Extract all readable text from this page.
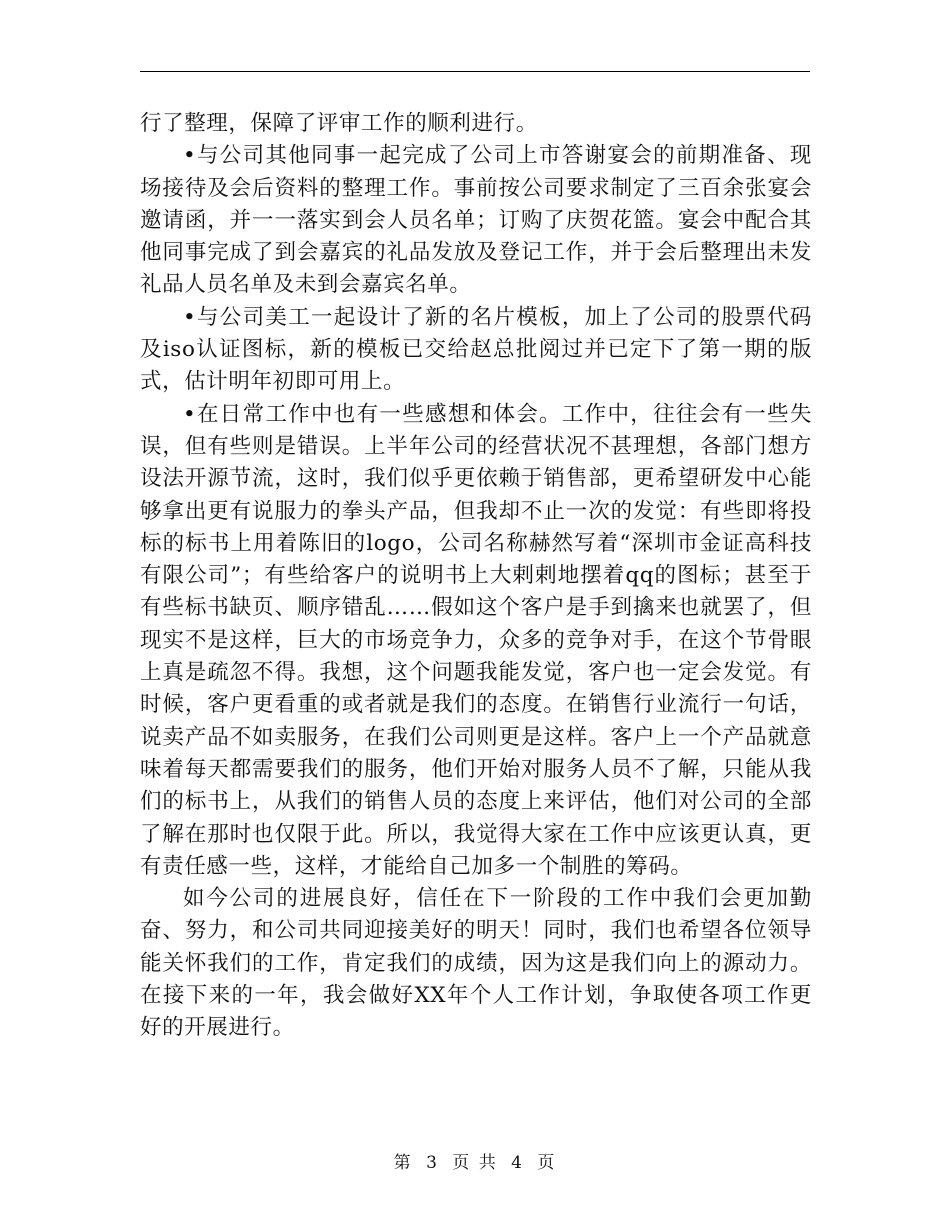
行了整理，保障了评审工作的顺利进行。

•与公司其他同事一起完成了公司上市答谢宴会的前期准备、现场接待及会后资料的整理工作。事前按公司要求制定了三百余张宴会邀请函，并一一落实到会人员名单；订购了庆贺花篮。宴会中配合其他同事完成了到会嘉宾的礼品发放及登记工作，并于会后整理出未发礼品人员名单及未到会嘉宾名单。

•与公司美工一起设计了新的名片模板，加上了公司的股票代码及iso认证图标，新的模板已交给赵总批阅过并已定下了第一期的版式，估计明年初即可用上。

•在日常工作中也有一些感想和体会。工作中，往往会有一些失误，但有些则是错误。上半年公司的经营状况不甚理想，各部门想方设法开源节流，这时，我们似乎更依赖于销售部，更希望研发中心能够拿出更有说服力的拳头产品，但我却不止一次的发觉：有些即将投标的标书上用着陈旧的logo，公司名称赫然写着“深圳市金证高科技有限公司”；有些给客户的说明书上大剌剌地摆着qq的图标；甚至于有些标书缺页、顺序错乱……假如这个客户是手到擒来也就罢了，但现实不是这样，巨大的市场竞争力，众多的竞争对手，在这个节骨眼上真是疏忽不得。我想，这个问题我能发觉，客户也一定会发觉。有时候，客户更看重的或者就是我们的态度。在销售行业流行一句话，说卖产品不如卖服务，在我们公司则更是这样。客户上一个产品就意味着每天都需要我们的服务，他们开始对服务人员不了解，只能从我们的标书上，从我们的销售人员的态度上来评估，他们对公司的全部了解在那时也仅限于此。所以，我觉得大家在工作中应该更认真，更有责任感一些，这样，才能给自己加多一个制胜的筹码。

如今公司的进展良好，信任在下一阶段的工作中我们会更加勤奋、努力，和公司共同迎接美好的明天！同时，我们也希望各位领导能关怀我们的工作，肯定我们的成绩，因为这是我们向上的源动力。在接下来的一年，我会做好XX年个人工作计划，争取使各项工作更好的开展进行。

第 3 页 共 4 页
